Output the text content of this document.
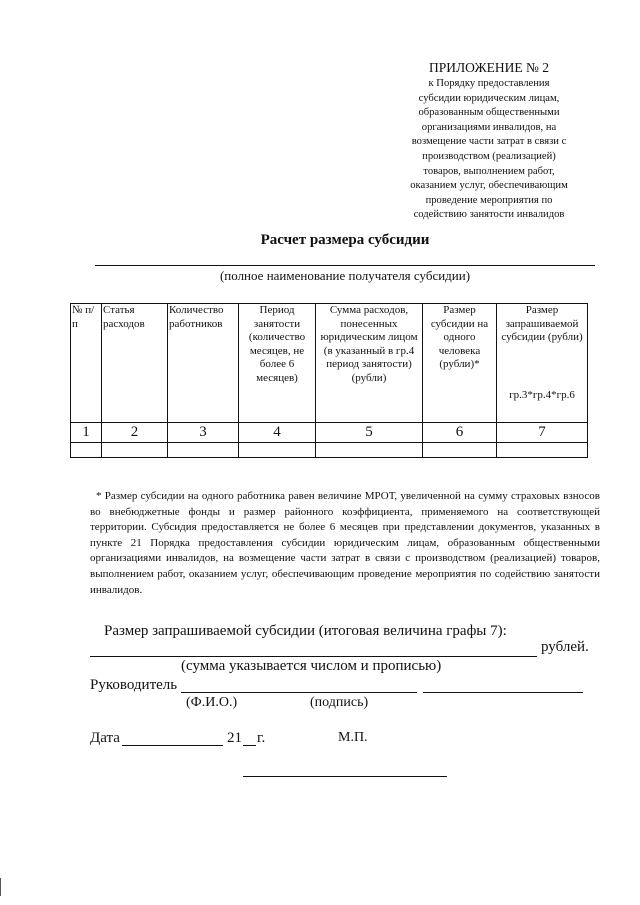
ПРИЛОЖЕНИЕ № 2
к Порядку предоставления
субсидии юридическим лицам,
образованным общественными
организациями инвалидов, на
возмещение части затрат в связи с
производством (реализацией)
товаров, выполнением работ,
оказанием услуг, обеспечивающим
проведение мероприятия по
содействию занятости инвалидов
Расчет размера субсидии
(полное наименование получателя субсидии)
№ п/п	Статья расходов	Количество работников	Период занятости (количество месяцев, не более 6 месяцев)	Сумма расходов, понесенных юридическим лицом (в указанный в гр.4 период занятости) (рубли)	Размер субсидии на одного человека (рубли)*	Размер запрашиваемой субсидии (рубли)
гр.3*гр.4*гр.6

1	2	3	4	5	6	7

* Размер субсидии на одного работника равен величине МРОТ, увеличенной на сумму страховых взносов во внебюджетные фонды и размер районного коэффициента, применяемого на соответствующей территории. Субсидия предоставляется не более 6 месяцев при представлении документов, указанных в пункте 21 Порядка предоставления субсидии юридическим лицам, образованным общественными организациями инвалидов, на возмещение части затрат в связи с производством (реализацией) товаров, выполнением работ, оказанием услуг, обеспечивающим проведение мероприятия по содействию занятости инвалидов.

Размер запрашиваемой субсидии (итоговая величина графы 7):
рублей.
(сумма указывается числом и прописью)
Руководитель
(Ф.И.О.)	(подпись)
Дата	21 г.	М.П.
